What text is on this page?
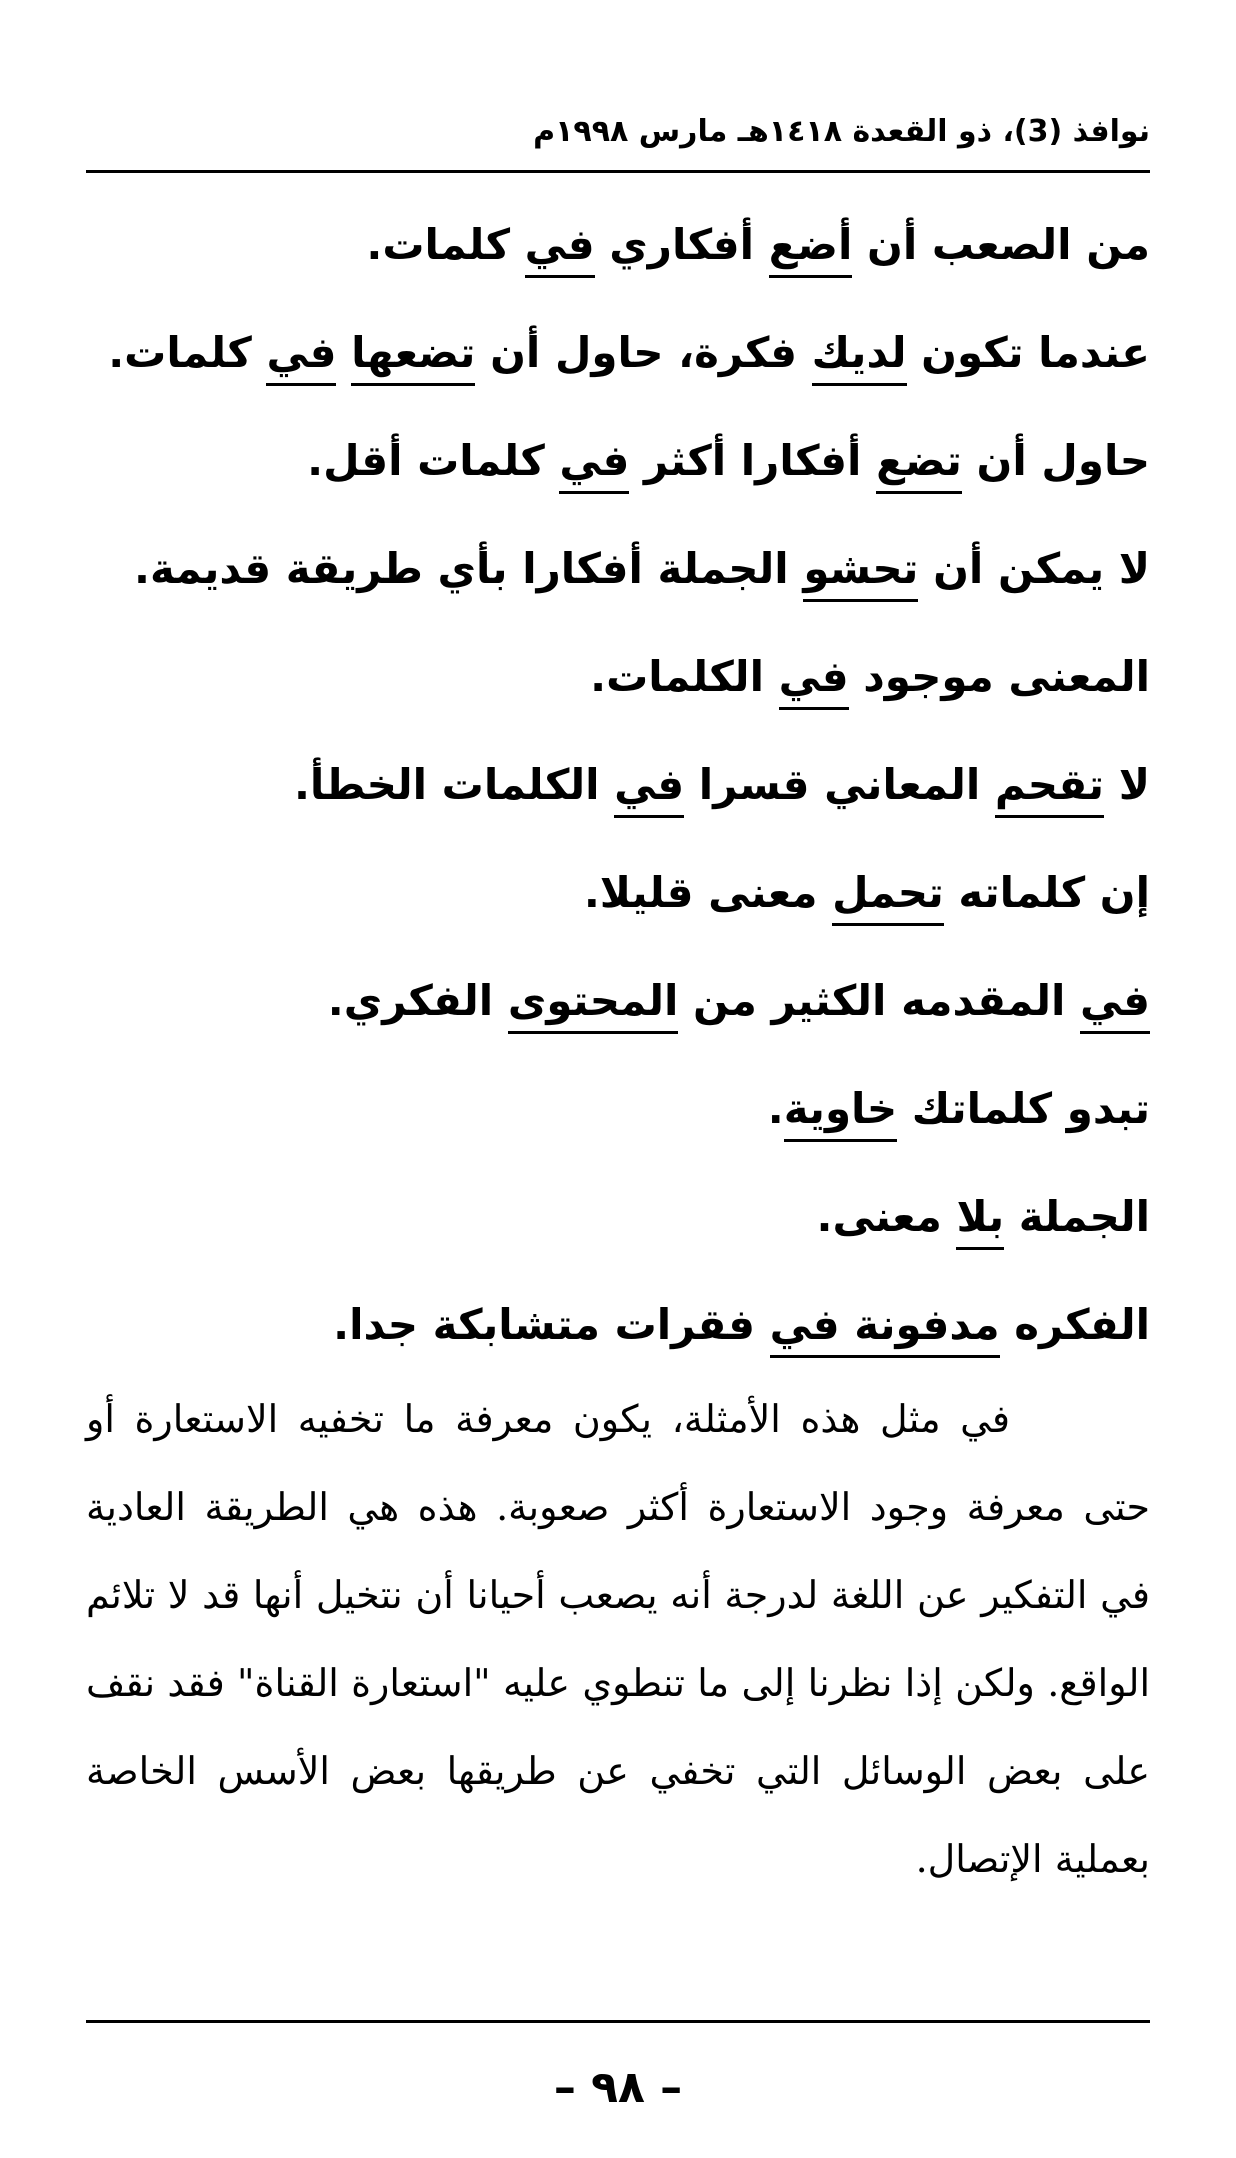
نوافذ (3)، ذو القعدة ١٤١٨هـ مارس ١٩٩٨م
من الصعب أن أضع أفكاري في كلمات.
عندما تكون لديك فكرة، حاول أن تضعها في كلمات.
حاول أن تضع أفكارا أكثر في كلمات أقل.
لا يمكن أن تحشو الجملة أفكارا بأي طريقة قديمة.
المعنى موجود في الكلمات.
لا تقحم المعاني قسرا في الكلمات الخطأ.
إن كلماته تحمل معنى قليلا.
في المقدمه الكثير من المحتوى الفكري.
تبدو كلماتك خاوية.
الجملة بلا معنى.
الفكره مدفونة في فقرات متشابكة جدا.
في مثل هذه الأمثلة، يكون معرفة ما تخفيه الاستعارة أو حتى معرفة وجود الاستعارة أكثر صعوبة. هذه هي الطريقة العادية في التفكير عن اللغة لدرجة أنه يصعب أحيانا أن نتخيل أنها قد لا تلائم الواقع. ولكن إذا نظرنا إلى ما تنطوي عليه "استعارة القناة" فقد نقف على بعض الوسائل التي تخفي عن طريقها بعض الأسس الخاصة بعملية الإتصال.
– ٩٨ –
